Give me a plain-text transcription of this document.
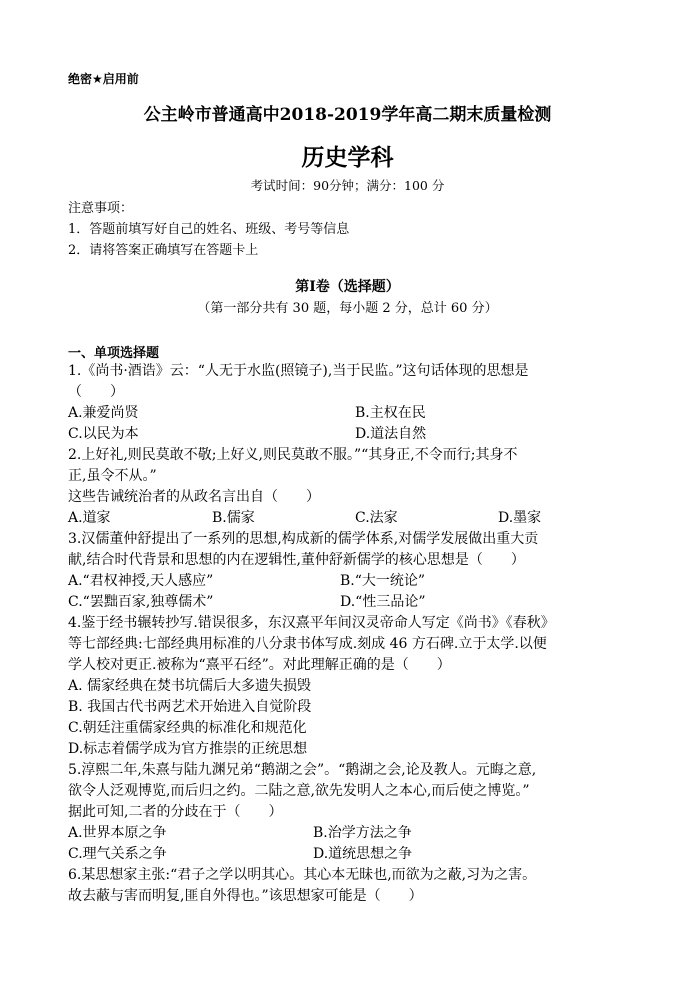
绝密★启用前
公主岭市普通高中2018-2019学年高二期末质量检测
历史学科
考试时间：90分钟；满分：100 分
注意事项：
1．答题前填写好自己的姓名、班级、考号等信息
2．请将答案正确填写在答题卡上
第I卷（选择题）
（第一部分共有 30 题，每小题 2 分，总计 60 分）
一、单项选择题
1.《尚书·酒诰》云：“人无于水监(照镜子),当于民监。”这句话体现的思想是
（　　）
A.兼爱尚贤	B.主权在民
C.以民为本	D.道法自然
2.上好礼,则民莫敢不敬;上好义,则民莫敢不服。”“其身正,不令而行;其身不
正,虽令不从。”
这些告诫统治者的从政名言出自（　　）
A.道家	B.儒家	C.法家	D.墨家
3.汉儒董仲舒提出了一系列的思想,构成新的儒学体系,对儒学发展做出重大贡
献,结合时代背景和思想的内在逻辑性,董仲舒新儒学的核心思想是（　　）
A.“君权神授,天人感应”	B.“大一统论”
C.“罢黜百家,独尊儒术”	D.“性三品论”
4.鉴于经书辗转抄写.错误很多，东汉熹平年间汉灵帝命人写定《尚书》《春秋》
等七部经典:七部经典用标准的八分隶书体写成.刻成 46 方石碑.立于太学.以便
学人校对更正.被称为“熹平石经”。对此理解正确的是（　　）
A. 儒家经典在焚书坑儒后大多遗失损毁
B. 我国古代书两艺术开始进入自觉阶段
C.朝廷注重儒家经典的标准化和规范化
D.标志着儒学成为官方推崇的正统思想
5.淳熙二年,朱熹与陆九渊兄弟“鹅湖之会”。“鹅湖之会,论及教人。元晦之意,
欲令人泛观博览,而后归之约。二陆之意,欲先发明人之本心,而后使之博览。”
据此可知,二者的分歧在于（　　）
A.世界本原之争	B.治学方法之争
C.理气关系之争	D.道统思想之争
6.某思想家主张:“君子之学以明其心。其心本无昧也,而欲为之蔽,习为之害。
故去蔽与害而明复,匪自外得也。”该思想家可能是（　　）
